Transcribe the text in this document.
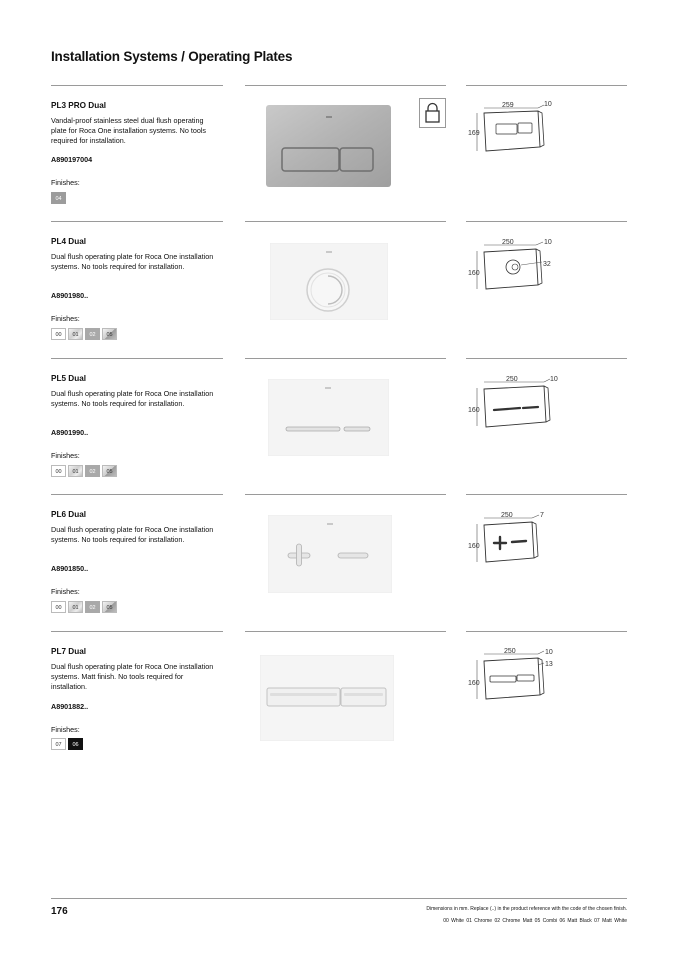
Installation Systems / Operating Plates
PL3 PRO Dual
Vandal-proof stainless steel dual flush operating plate for Roca One installation systems. No tools required for installation.
A890197004
Finishes:
04
259	10
169
PL4 Dual
Dual flush operating plate for Roca One installation systems. No tools required for installation.
A8901980..
Finishes:
00	01	02	05
250	10
160
32
PL5 Dual
Dual flush operating plate for Roca One installation systems. No tools required for installation.
A8901990..
Finishes:
00	01	02	05
250	10
160
PL6 Dual
Dual flush operating plate for Roca One installation systems. No tools required for installation.
A8901850..
Finishes:
00	01	02	05
250	7
160
PL7 Dual
Dual flush operating plate for Roca One installation systems. Matt finish. No tools required for installation.
A8901882..
Finishes:
07	06
250	10
13
160
176	Dimensions in mm. Replace (..) in the product reference with the code of the chosen finish.
00 White 01 Chrome 02 Chrome Matt 05 Combi 06 Matt Black 07 Matt White
